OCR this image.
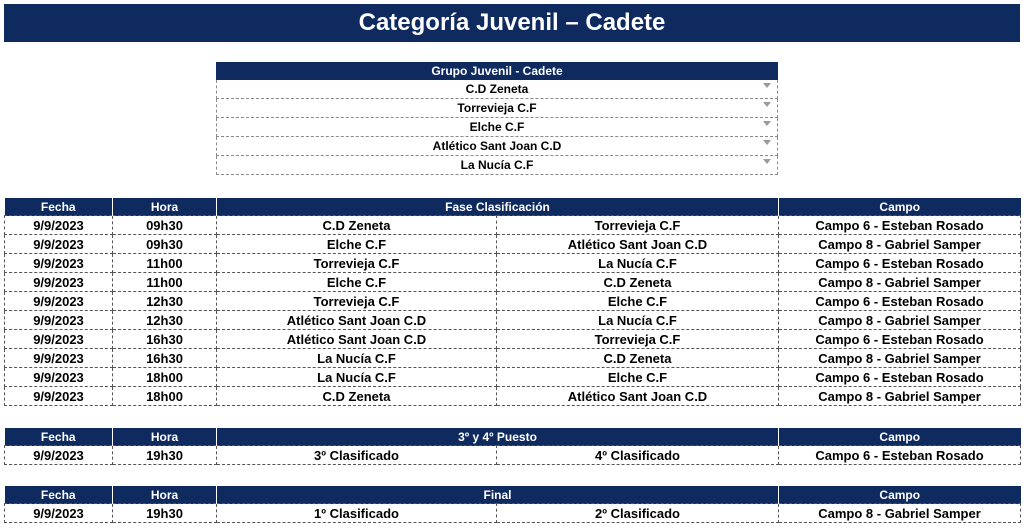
Categoría Juvenil – Cadete
Grupo Juvenil - Cadete
C.D Zeneta
Torrevieja C.F
Elche C.F
Atlético Sant Joan C.D
La Nucía C.F
Fecha	Hora	Fase Clasificación		Campo
9/9/2023	09h30	C.D Zeneta	Torrevieja C.F	Campo 6 - Esteban Rosado
9/9/2023	09h30	Elche C.F	Atlético Sant Joan C.D	Campo 8 - Gabriel Samper
9/9/2023	11h00	Torrevieja C.F	La Nucía C.F	Campo 6 - Esteban Rosado
9/9/2023	11h00	Elche C.F	C.D Zeneta	Campo 8 - Gabriel Samper
9/9/2023	12h30	Torrevieja C.F	Elche C.F	Campo 6 - Esteban Rosado
9/9/2023	12h30	Atlético Sant Joan C.D	La Nucía C.F	Campo 8 - Gabriel Samper
9/9/2023	16h30	Atlético Sant Joan C.D	Torrevieja C.F	Campo 6 - Esteban Rosado
9/9/2023	16h30	La Nucía C.F	C.D Zeneta	Campo 8 - Gabriel Samper
9/9/2023	18h00	La Nucía C.F	Elche C.F	Campo 6 - Esteban Rosado
9/9/2023	18h00	C.D Zeneta	Atlético Sant Joan C.D	Campo 8 - Gabriel Samper
Fecha	Hora	3º y 4º Puesto		Campo
9/9/2023	19h30	3º Clasificado	4º Clasificado	Campo 6 - Esteban Rosado
Fecha	Hora	Final		Campo
9/9/2023	19h30	1º Clasificado	2º Clasificado	Campo 8 - Gabriel Samper
